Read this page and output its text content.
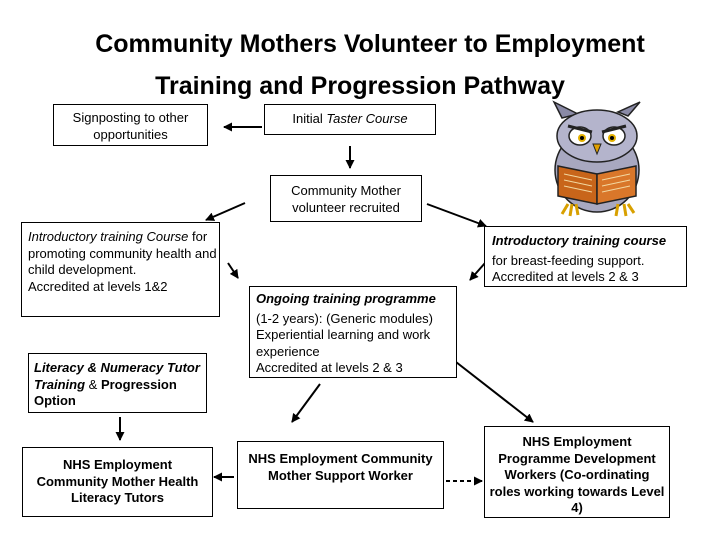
Community Mothers Volunteer to Employment
Training and Progression Pathway
Signposting to other opportunities
Initial Taster Course
Community Mother volunteer recruited
Introductory training Course for promoting community health and child development.
Accredited at levels 1&2
Introductory training course
for breast-feeding support. Accredited at levels 2 & 3
Ongoing training programme
(1-2 years): (Generic modules) Experiential learning and work experience
Accredited at levels 2 & 3
Literacy & Numeracy Tutor Training & Progression Option
NHS Employment Community Mother Health Literacy Tutors
NHS Employment Community Mother Support Worker
NHS Employment Programme Development Workers (Co-ordinating roles working towards Level 4)
